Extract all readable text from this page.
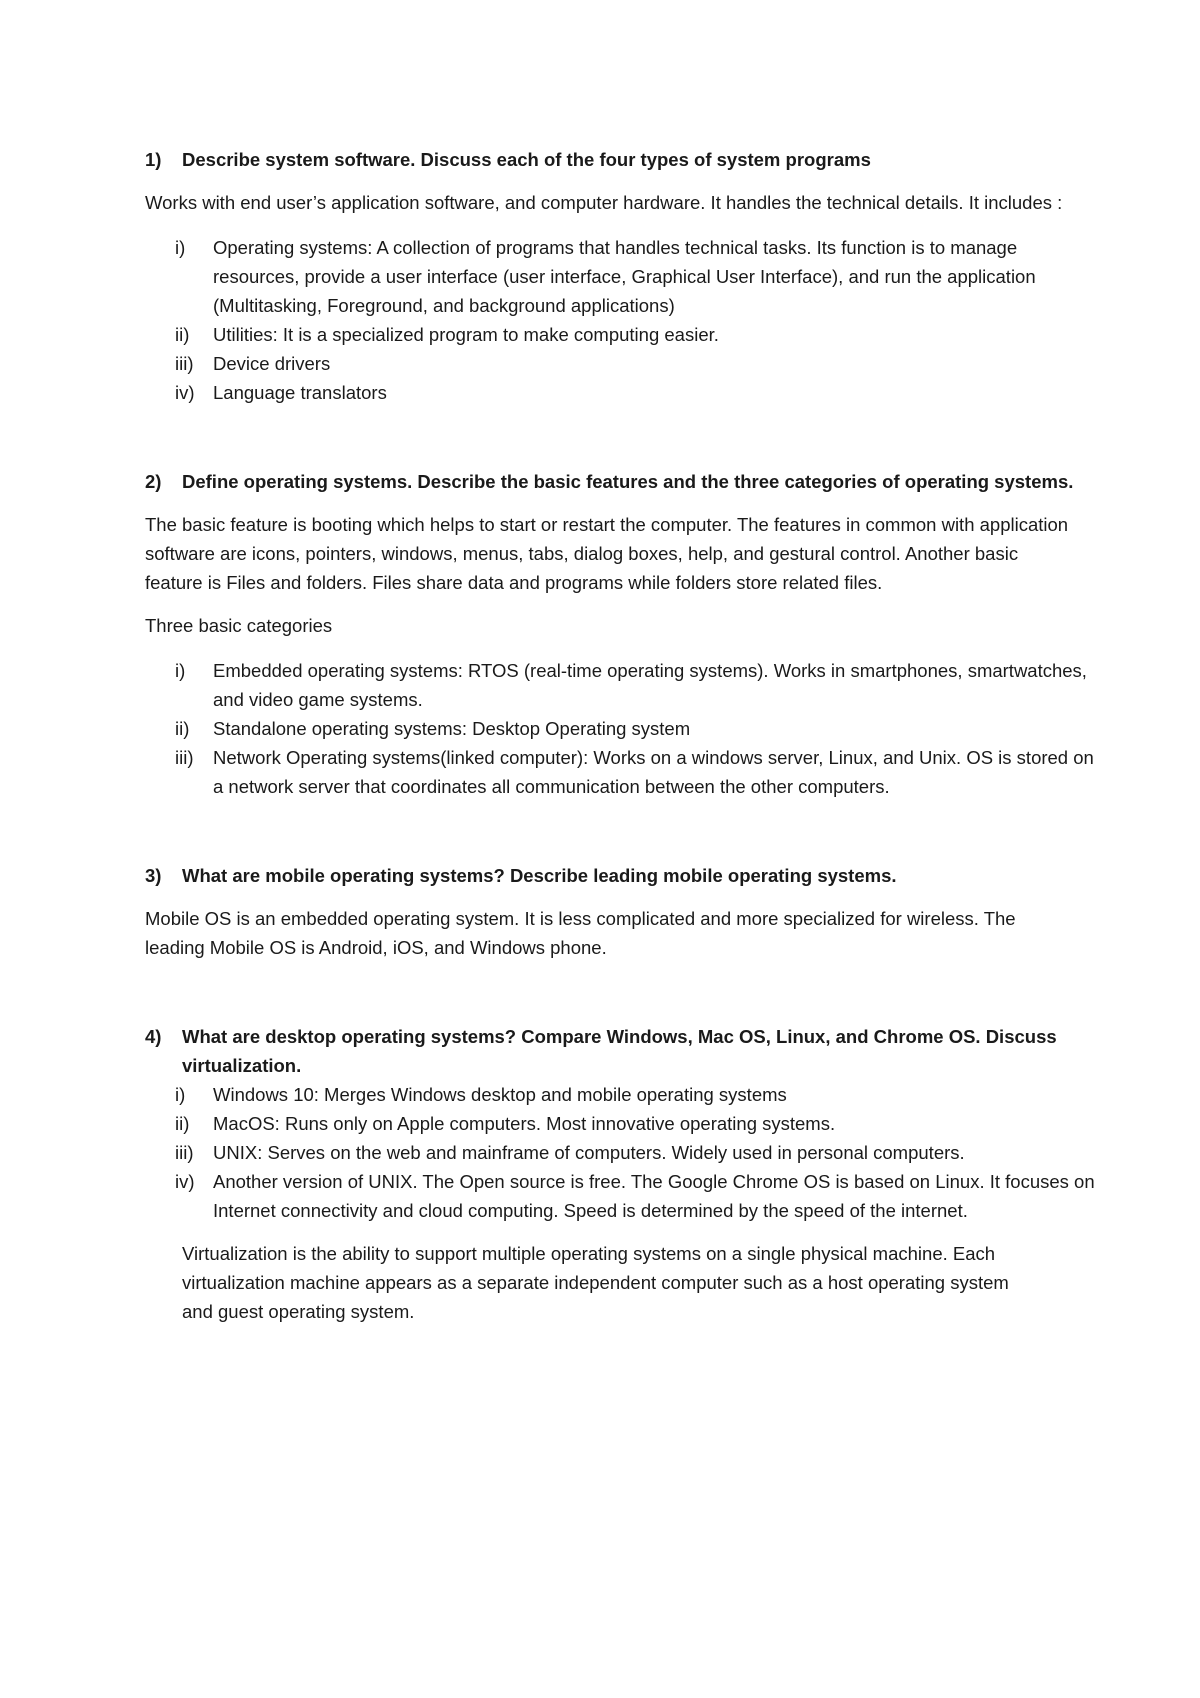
1)	Describe system software. Discuss each of the four types of system programs

Works with end user’s application software, and computer hardware. It handles the technical details. It includes :

i)	Operating systems: A collection of programs that handles technical tasks. Its function is to manage resources, provide a user interface (user interface, Graphical User Interface), and run the application (Multitasking, Foreground, and background applications)
ii)	Utilities: It is a specialized program to make computing easier.
iii)	Device drivers
iv) Language translators
2)	Define operating systems. Describe the basic features and the three categories of operating systems.

The basic feature is booting which helps to start or restart the computer. The features in common with application software are icons, pointers, windows, menus, tabs, dialog boxes, help, and gestural control. Another basic feature is Files and folders. Files share data and programs while folders store related files.

Three basic categories

i)	Embedded operating systems: RTOS (real-time operating systems). Works in smartphones, smartwatches, and video game systems.
ii)	Standalone operating systems: Desktop Operating system
iii)	Network Operating systems(linked computer): Works on a windows server, Linux, and Unix. OS is stored on a network server that coordinates all communication between the other computers.
3)	What are mobile operating systems? Describe leading mobile operating systems.

Mobile OS is an embedded operating system. It is less complicated and more specialized for wireless. The leading Mobile OS is Android, iOS, and Windows phone.

4)	What are desktop operating systems? Compare Windows, Mac OS, Linux, and Chrome OS. Discuss virtualization.
i)	Windows 10: Merges Windows desktop and mobile operating systems
ii)	MacOS: Runs only on Apple computers. Most innovative operating systems.
iii)	UNIX: Serves on the web and mainframe of computers. Widely used in personal computers.
iv) Another version of UNIX. The Open source is free. The Google Chrome OS is based on Linux. It focuses on Internet connectivity and cloud computing. Speed is determined by the speed of the internet.

Virtualization is the ability to support multiple operating systems on a single physical machine. Each virtualization machine appears as a separate independent computer such as a host operating system and guest operating system.
